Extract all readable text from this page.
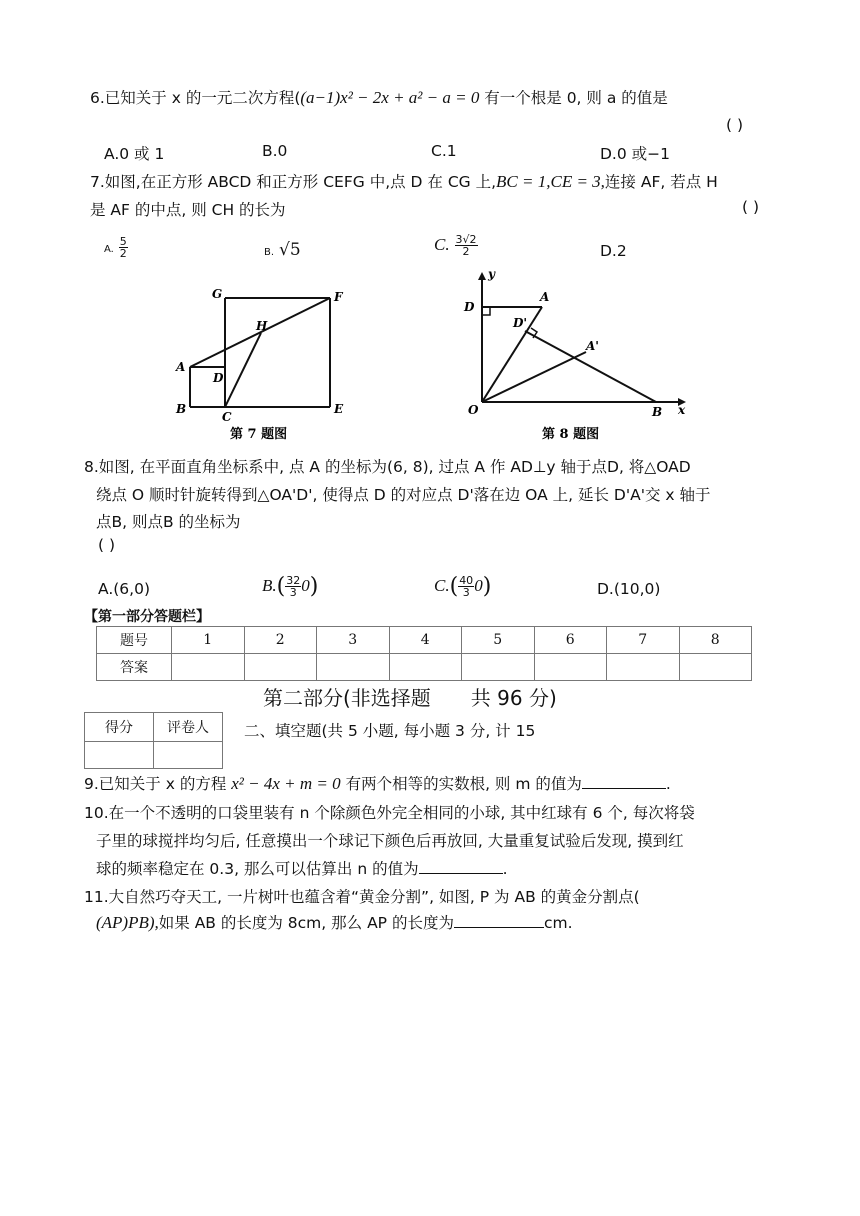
6.已知关于 x 的一元二次方程((a−1)x² − 2x + a² − a = 0 有一个根是 0, 则 a 的值是
( )
A.0 或 1	B.0	C.1	D.0 或−1
7.如图,在正方形 ABCD 和正方形 CEFG 中,点 D 在 CG 上,BC = 1,CE = 3,连接 AF, 若点 H
是 AF 的中点, 则 CH 的长为	( )
A. $\frac{5}{2}$	B. √5	C. $\frac{3√2}{2}$	D.2
G	F
H
A
D
B
C
E
第 7 题图
y
x
D
A
D'
A'
O	B
第 8 题图
8.如图, 在平面直角坐标系中, 点 A 的坐标为(6, 8), 过点 A 作 AD⊥y 轴于点D, 将△OAD
绕点 O 顺时针旋转得到△OA'D', 使得点 D 的对应点 D'落在边 OA 上, 延长 D'A'交 x 轴于
点B, 则点B 的坐标为
( )
A.(6,0)	$B.( \frac{32}{3} 0)$	$C.( \frac{40}{3} 0)$	D.(10,0)
【第一部分答题栏】
题号	1	2	3	4	5	6	7	8
答案								
第二部分(非选择题　　共 96 分)
得分	评卷人
	二、填空题(共 5 小题, 每小题 3 分, 计 15
9.已知关于 x 的方程 x² − 4x + m = 0 有两个相等的实数根, 则 m 的值为	.
10.在一个不透明的口袋里装有 n 个除颜色外完全相同的小球, 其中红球有 6 个, 每次将袋
子里的球搅拌均匀后, 任意摸出一个球记下颜色后再放回, 大量重复试验后发现, 摸到红
球的频率稳定在 0.3, 那么可以估算出 n 的值为	.
11.大自然巧夺天工, 一片树叶也蕴含着“黄金分割”, 如图, P 为 AB 的黄金分割点(
(AP)PB),如果 AB 的长度为 8cm, 那么 AP 的长度为	cm.
